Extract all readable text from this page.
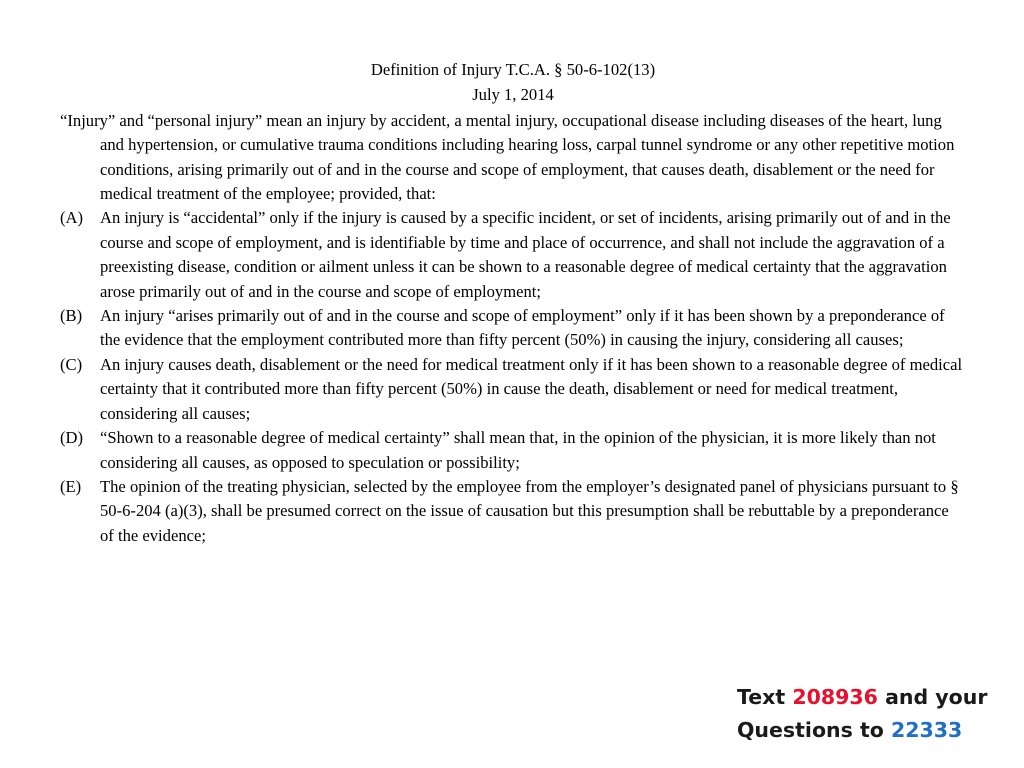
Definition of Injury T.C.A. § 50-6-102(13)

July 1, 2014

“Injury” and “personal injury” mean an injury by accident, a mental injury, occupational disease including diseases of the heart, lung and hypertension, or cumulative trauma conditions including hearing loss, carpal tunnel syndrome or any other repetitive motion conditions, arising primarily out of and in the course and scope of employment, that causes death, disablement or the need for medical treatment of the employee; provided, that:

(A)	An injury is “accidental” only if the injury is caused by a specific incident, or set of incidents, arising primarily out of and in the course and scope of employment, and is identifiable by time and place of occurrence, and shall not include the aggravation of a preexisting disease, condition or ailment unless it can be shown to a reasonable degree of medical certainty that the aggravation arose primarily out of and in the course and scope of employment;
(B)	An injury “arises primarily out of and in the course and scope of employment” only if it has been shown by a preponderance of the evidence that the employment contributed more than fifty percent (50%) in causing the injury, considering all causes;
(C)	An injury causes death, disablement or the need for medical treatment only if it has been shown to a reasonable degree of medical certainty that it contributed more than fifty percent (50%) in cause the death, disablement or need for medical treatment, considering all causes;
(D)	“Shown to a reasonable degree of medical certainty” shall mean that, in the opinion of the physician, it is more likely than not considering all causes, as opposed to speculation or possibility;
(E)	The opinion of the treating physician, selected by the employee from the employer’s designated panel of physicians pursuant to § 50-6-204 (a)(3), shall be presumed correct on the issue of causation but this presumption shall be rebuttable by a preponderance of the evidence;
Text 208936 and your
Questions to 22333
